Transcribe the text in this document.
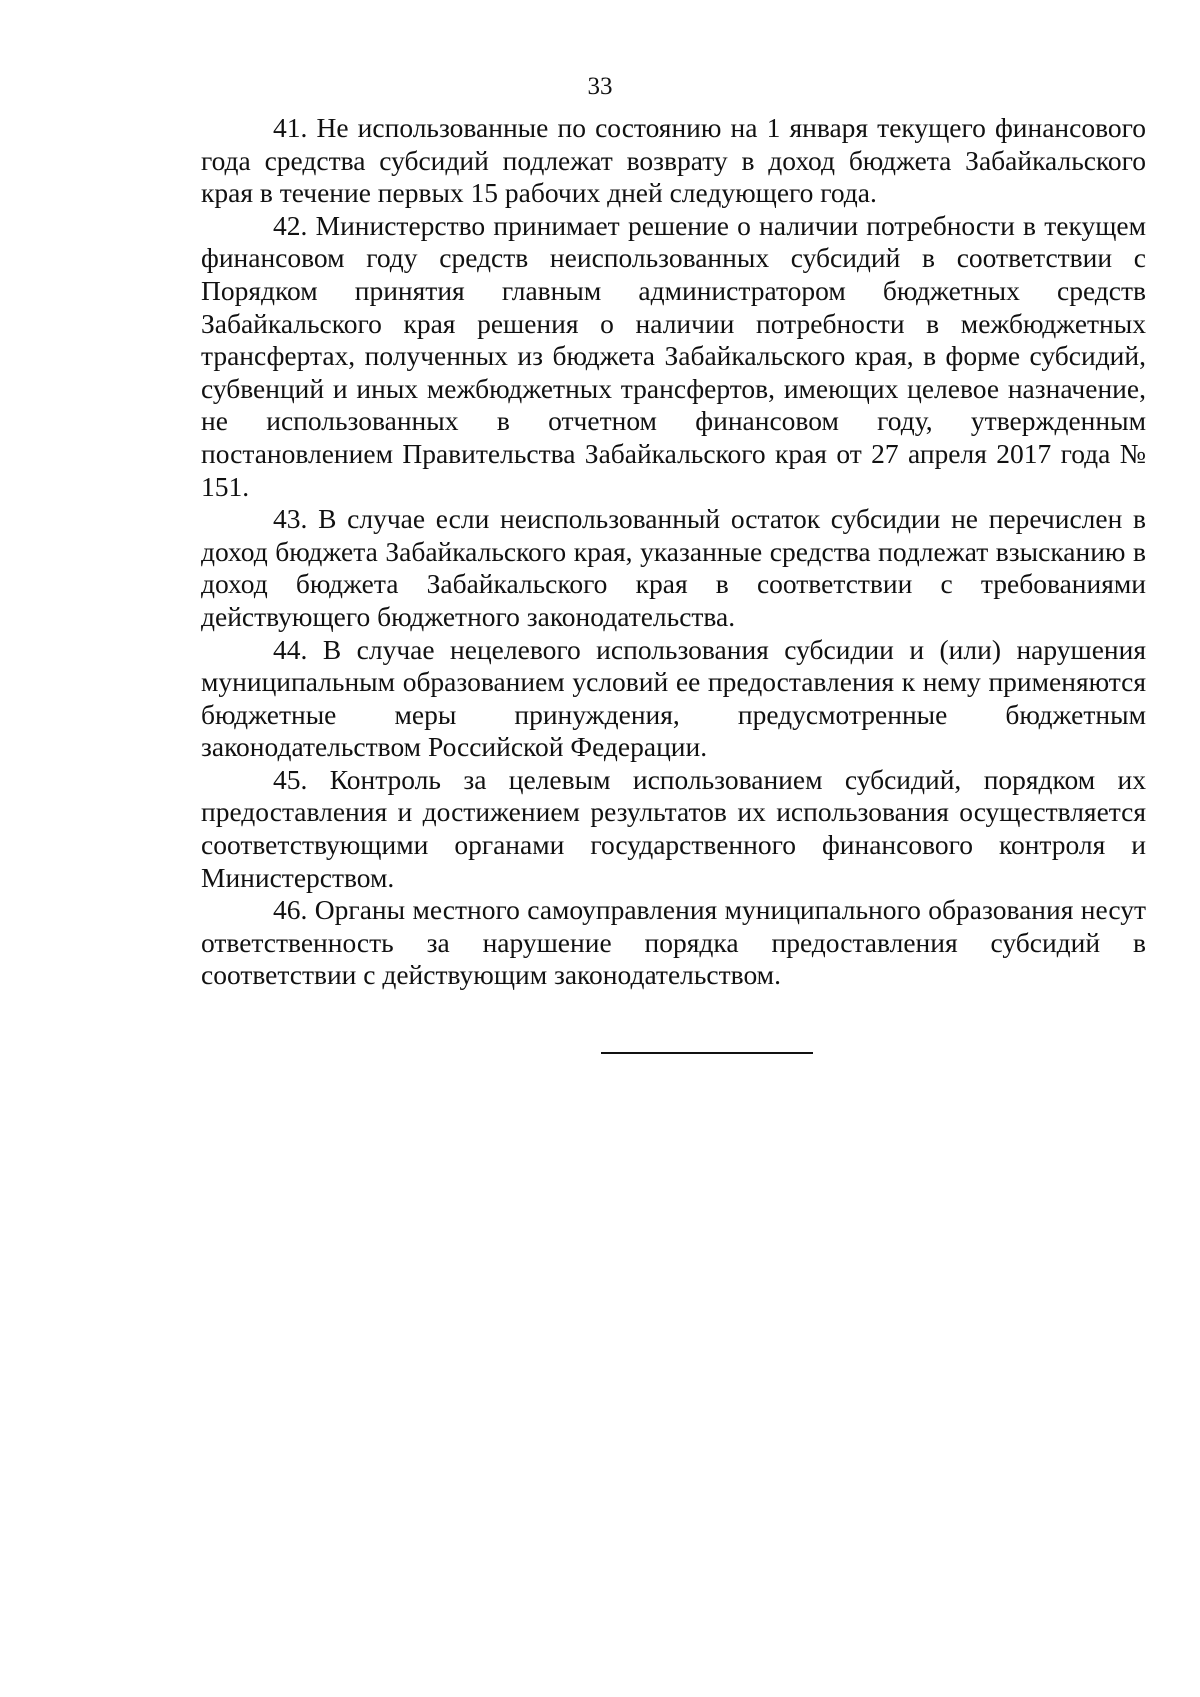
33

41. Не использованные по состоянию на 1 января текущего финансового года средства субсидий подлежат возврату в доход бюджета Забайкальского края в течение первых 15 рабочих дней следующего года.

42. Министерство принимает решение о наличии потребности в текущем финансовом году средств неиспользованных субсидий в соответствии с Порядком принятия главным администратором бюджетных средств Забайкальского края решения о наличии потребности в межбюджетных трансфертах, полученных из бюджета Забайкальского края, в форме субсидий, субвенций и иных межбюджетных трансфертов, имеющих целевое назначение, не использованных в отчетном финансовом году, утвержденным постановлением Правительства Забайкальского края от 27 апреля 2017 года № 151.

43. В случае если неиспользованный остаток субсидии не перечислен в доход бюджета Забайкальского края, указанные средства подлежат взысканию в доход бюджета Забайкальского края в соответствии с требованиями действующего бюджетного законодательства.

44. В случае нецелевого использования субсидии и (или) нарушения муниципальным образованием условий ее предоставления к нему применяются бюджетные меры принуждения, предусмотренные бюджетным законодательством Российской Федерации.

45. Контроль за целевым использованием субсидий, порядком их предоставления и достижением результатов их использования осуществляется соответствующими органами государственного финансового контроля и Министерством.

46. Органы местного самоуправления муниципального образования несут ответственность за нарушение порядка предоставления субсидий в соответствии с действующим законодательством.
